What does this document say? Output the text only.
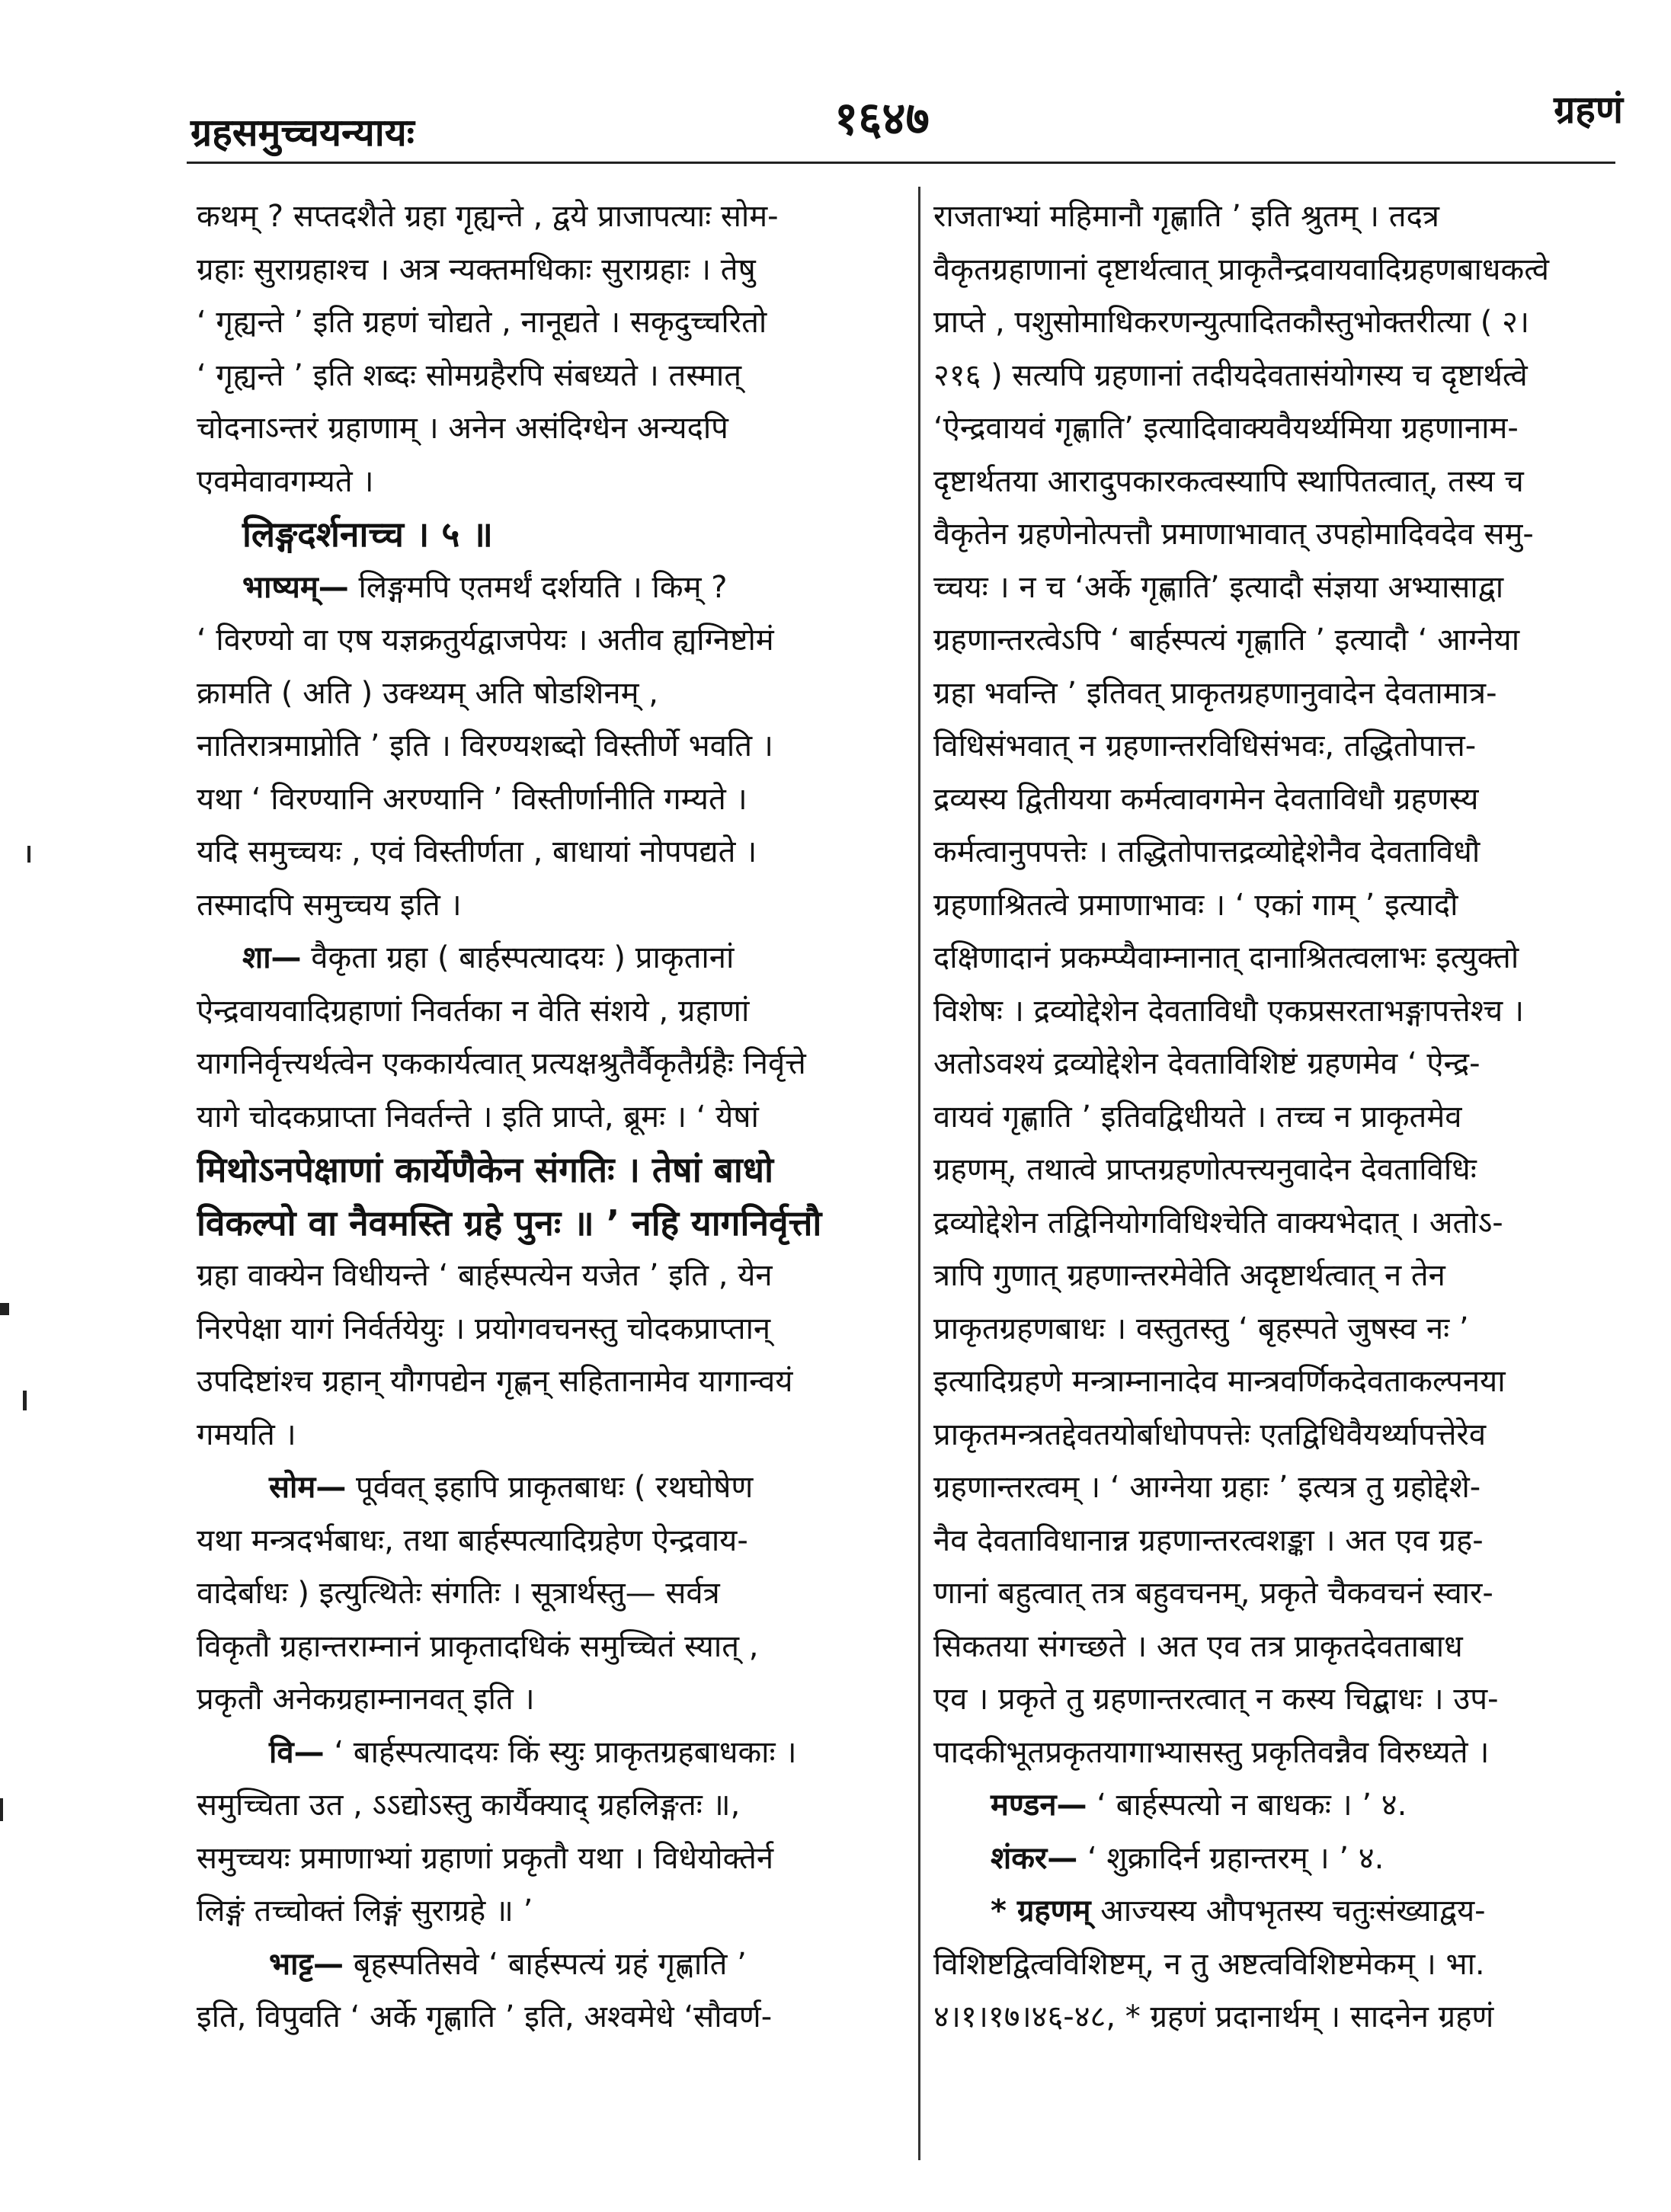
ग्रहसमुच्चयन्यायः	१६४७	ग्रहणं
कथम् ? सप्तदशैते ग्रहा गृह्यन्ते , द्वये प्राजापत्याः सोम-
ग्रहाः सुराग्रहाश्च । अत्र न्यक्तमधिकाः सुराग्रहाः । तेषु
‘ गृह्यन्ते ’ इति ग्रहणं चोद्यते , नानूद्यते । सकृदुच्चरितो
‘ गृह्यन्ते ’ इति शब्दः सोमग्रहैरपि संबध्यते । तस्मात्
चोदनाऽन्तरं ग्रहाणाम् । अनेन असंदिग्धेन अन्यदपि
एवमेवावगम्यते ।
लिङ्गदर्शनाच्च । ५ ॥
भाष्यम्— लिङ्गमपि एतमर्थं दर्शयति । किम् ?
‘ विरण्यो वा एष यज्ञक्रतुर्यद्वाजपेयः । अतीव ह्यग्निष्टोमं
क्रामति ( अति ) उक्थ्यम् अति षोडशिनम् ,
नातिरात्रमाप्नोति ’ इति । विरण्यशब्दो विस्तीर्णे भवति ।
यथा ‘ विरण्यानि अरण्यानि ’ विस्तीर्णानीति गम्यते ।
यदि समुच्चयः , एवं विस्तीर्णता , बाधायां नोपपद्यते ।
तस्मादपि समुच्चय इति ।
शा— वैकृता ग्रहा ( बार्हस्पत्यादयः ) प्राकृतानां
ऐन्द्रवायवादिग्रहाणां निवर्तका न वेति संशये , ग्रहाणां
यागनिर्वृत्त्यर्थत्वेन एककार्यत्वात् प्रत्यक्षश्रुतैर्वैकृतैर्ग्रहैः निर्वृत्ते
यागे चोदकप्राप्ता निवर्तन्ते । इति प्राप्ते, ब्रूमः । ‘ येषां
मिथोऽनपेक्षाणां कार्येणैकेन संगतिः । तेषां बाधो
विकल्पो वा नैवमस्ति ग्रहे पुनः ॥ ’ नहि यागनिर्वृत्तौ
ग्रहा वाक्येन विधीयन्ते ‘ बार्हस्पत्येन यजेत ’ इति , येन
निरपेक्षा यागं निर्वर्तयेयुः । प्रयोगवचनस्तु चोदकप्राप्तान्
उपदिष्टांश्च ग्रहान् यौगपद्येन गृह्णन् सहितानामेव यागान्वयं
गमयति ।
सोम— पूर्ववत् इहापि प्राकृतबाधः ( रथघोषेण
यथा मन्त्रदर्भबाधः, तथा बार्हस्पत्यादिग्रहेण ऐन्द्रवाय-
वादेर्बाधः ) इत्युत्थितेः संगतिः । सूत्रार्थस्तु— सर्वत्र
विकृतौ ग्रहान्तराम्नानं प्राकृतादधिकं समुच्चितं स्यात् ,
प्रकृतौ अनेकग्रहाम्नानवत् इति ।
वि— ‘ बार्हस्पत्यादयः किं स्युः प्राकृतग्रहबाधकाः ।
समुच्चिता उत , ऽऽद्योऽस्तु कार्यैक्याद् ग्रहलिङ्गतः ॥,
समुच्चयः प्रमाणाभ्यां ग्रहाणां प्रकृतौ यथा । विधेयोक्तेर्न
लिङ्गं तच्चोक्तं लिङ्गं सुराग्रहे ॥ ’
भाट्ट— बृहस्पतिसवे ‘ बार्हस्पत्यं ग्रहं गृह्णाति ’
इति, विपुवति ‘ अर्के गृह्णाति ’ इति, अश्वमेधे ‘सौवर्ण-
राजताभ्यां महिमानौ गृह्णाति ’ इति श्रुतम् । तदत्र
वैकृतग्रहाणानां दृष्टार्थत्वात् प्राकृतैन्द्रवायवादिग्रहणबाधकत्वे
प्राप्ते , पशुसोमाधिकरणन्युत्पादितकौस्तुभोक्तरीत्या ( २।
२१६ ) सत्यपि ग्रहणानां तदीयदेवतासंयोगस्य च दृष्टार्थत्वे
‘ऐन्द्रवायवं गृह्णाति’ इत्यादिवाक्यवैयर्थ्यमिया ग्रहणानाम-
दृष्टार्थतया आरादुपकारकत्वस्यापि स्थापितत्वात्, तस्य च
वैकृतेन ग्रहणेनोत्पत्तौ प्रमाणाभावात् उपहोमादिवदेव समु-
च्चयः । न च ‘अर्के गृह्णाति’ इत्यादौ संज्ञया अभ्यासाद्वा
ग्रहणान्तरत्वेऽपि ‘ बार्हस्पत्यं गृह्णाति ’ इत्यादौ ‘ आग्नेया
ग्रहा भवन्ति ’ इतिवत् प्राकृतग्रहणानुवादेन देवतामात्र-
विधिसंभवात् न ग्रहणान्तरविधिसंभवः, तद्धितोपात्त-
द्रव्यस्य द्वितीयया कर्मत्वावगमेन देवताविधौ ग्रहणस्य
कर्मत्वानुपपत्तेः । तद्धितोपात्तद्रव्योद्देशेनैव देवताविधौ
ग्रहणाश्रितत्वे प्रमाणाभावः । ‘ एकां गाम् ’ इत्यादौ
दक्षिणादानं प्रकम्प्यैवाम्नानात् दानाश्रितत्वलाभः इत्युक्तो
विशेषः । द्रव्योद्देशेन देवताविधौ एकप्रसरताभङ्गापत्तेश्च ।
अतोऽवश्यं द्रव्योद्देशेन देवताविशिष्टं ग्रहणमेव ‘ ऐन्द्र-
वायवं गृह्णाति ’ इतिवद्विधीयते । तच्च न प्राकृतमेव
ग्रहणम्, तथात्वे प्राप्तग्रहणोत्पत्त्यनुवादेन देवताविधिः
द्रव्योद्देशेन तद्विनियोगविधिश्चेति वाक्यभेदात् । अतोऽ-
त्रापि गुणात् ग्रहणान्तरमेवेति अदृष्टार्थत्वात् न तेन
प्राकृतग्रहणबाधः । वस्तुतस्तु ‘ बृहस्पते जुषस्व नः ’
इत्यादिग्रहणे मन्त्राम्नानादेव मान्त्रवर्णिकदेवताकल्पनया
प्राकृतमन्त्रतद्देवतयोर्बाधोपपत्तेः एतद्विधिवैयर्थ्यापत्तेरेव
ग्रहणान्तरत्वम् । ‘ आग्नेया ग्रहाः ’ इत्यत्र तु ग्रहोद्देशे-
नैव देवताविधानान्न ग्रहणान्तरत्वशङ्का । अत एव ग्रह-
णानां बहुत्वात् तत्र बहुवचनम्, प्रकृते चैकवचनं स्वार-
सिकतया संगच्छते । अत एव तत्र प्राकृतदेवताबाध
एव । प्रकृते तु ग्रहणान्तरत्वात् न कस्य चिद्बाधः । उप-
पादकीभूतप्रकृतयागाभ्यासस्तु प्रकृतिवन्नैव विरुध्यते ।
मण्डन— ‘ बार्हस्पत्यो न बाधकः । ’ ४.
शंकर— ‘ शुक्रादिर्न ग्रहान्तरम् । ’ ४.
* ग्रहणम् आज्यस्य औपभृतस्य चतुःसंख्याद्वय-
विशिष्टद्वित्वविशिष्टम्, न तु अष्टत्वविशिष्टमेकम् । भा.
४।१।१७।४६-४८, * ग्रहणं प्रदानार्थम् । सादनेन ग्रहणं
